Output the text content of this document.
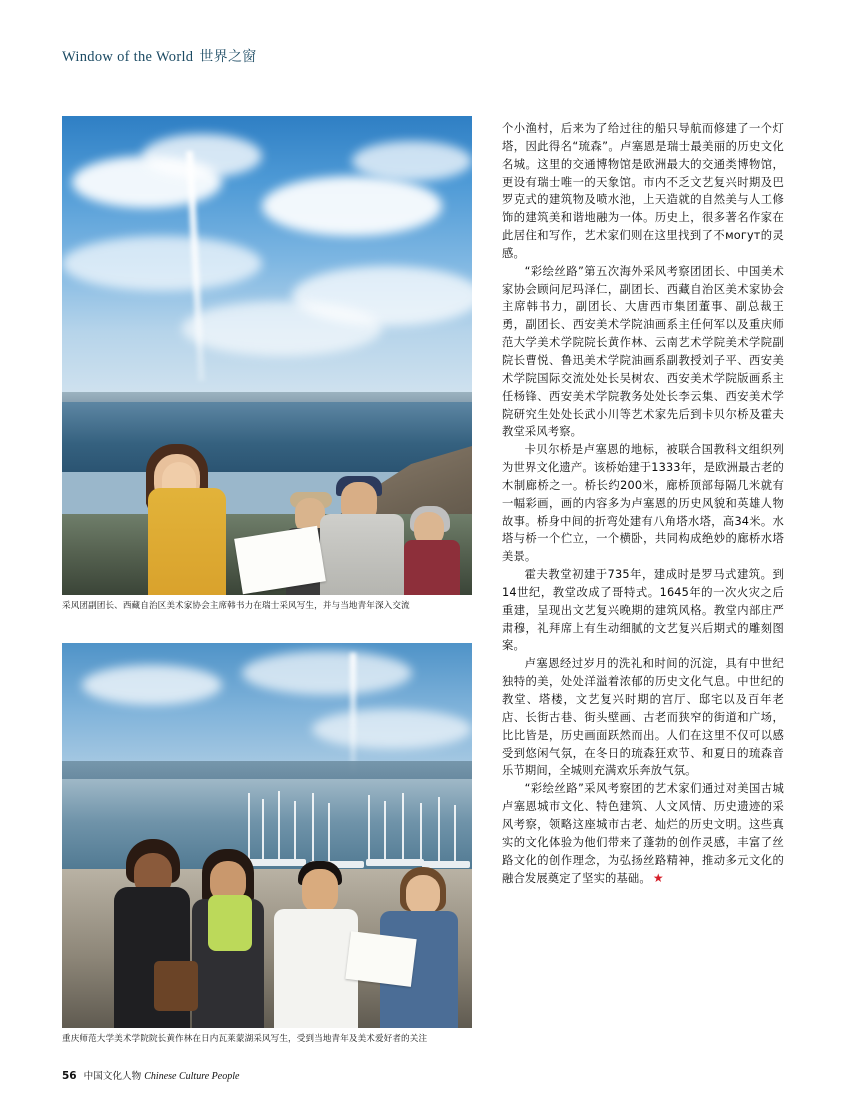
Window of the World 世界之窗
采风团副团长、西藏自治区美术家协会主席韩书力在瑞士采风写生，并与当地青年深入交流
重庆师范大学美术学院院长黄作林在日内瓦莱蒙湖采风写生，受到当地青年及美术爱好者的关注

个小渔村，后来为了给过往的船只导航而修建了一个灯塔，因此得名“琉森”。卢塞恩是瑞士最美丽的历史文化名城。这里的交通博物馆是欧洲最大的交通类博物馆，更设有瑞士唯一的天象馆。市内不乏文艺复兴时期及巴罗克式的建筑物及喷水池，上天造就的自然美与人工修饰的建筑美和谐地融为一体。历史上，很多著名作家在此居住和写作，艺术家们则在这里找到了不могут的灵感。

“彩绘丝路”第五次海外采风考察团团长、中国美术家协会顾问尼玛泽仁，副团长、西藏自治区美术家协会主席韩书力，副团长、大唐西市集团董事、副总裁王勇，副团长、西安美术学院油画系主任何军以及重庆师范大学美术学院院长黄作林、云南艺术学院美术学院副院长曹悦、鲁迅美术学院油画系副教授刘子平、西安美术学院国际交流处处长吴树农、西安美术学院版画系主任杨锋、西安美术学院教务处处长李云集、西安美术学院研究生处处长武小川等艺术家先后到卡贝尔桥及霍夫教堂采风考察。

卡贝尔桥是卢塞恩的地标，被联合国教科文组织列为世界文化遗产。该桥始建于1333年，是欧洲最古老的木制廊桥之一。桥长约200米，廊桥顶部每隔几米就有一幅彩画，画的内容多为卢塞恩的历史风貌和英雄人物故事。桥身中间的折弯处建有八角塔水塔，高34米。水塔与桥一个伫立，一个横卧，共同构成绝妙的廊桥水塔美景。

霍夫教堂初建于735年，建成时是罗马式建筑。到14世纪，教堂改成了哥特式。1645年的一次火灾之后重建，呈现出文艺复兴晚期的建筑风格。教堂内部庄严肃穆，礼拜席上有生动细腻的文艺复兴后期式的雕刻图案。

卢塞恩经过岁月的洗礼和时间的沉淀，具有中世纪独特的美，处处洋溢着浓郁的历史文化气息。中世纪的教堂、塔楼，文艺复兴时期的宫厅、邸宅以及百年老店、长街古巷、街头壁画、古老而狭窄的街道和广场，比比皆是，历史画面跃然而出。人们在这里不仅可以感受到悠闲气氛，在冬日的琉森狂欢节、和夏日的琉森音乐节期间，全城则充满欢乐奔放气氛。

“彩绘丝路”采风考察团的艺术家们通过对美国古城卢塞恩城市文化、特色建筑、人文风情、历史遗迹的采风考察，领略这座城市古老、灿烂的历史文明。这些真实的文化体验为他们带来了蓬勃的创作灵感，丰富了丝路文化的创作理念，为弘扬丝路精神，推动多元文化的融合发展奠定了坚实的基础。 ★

56 中国文化人物 Chinese Culture People
